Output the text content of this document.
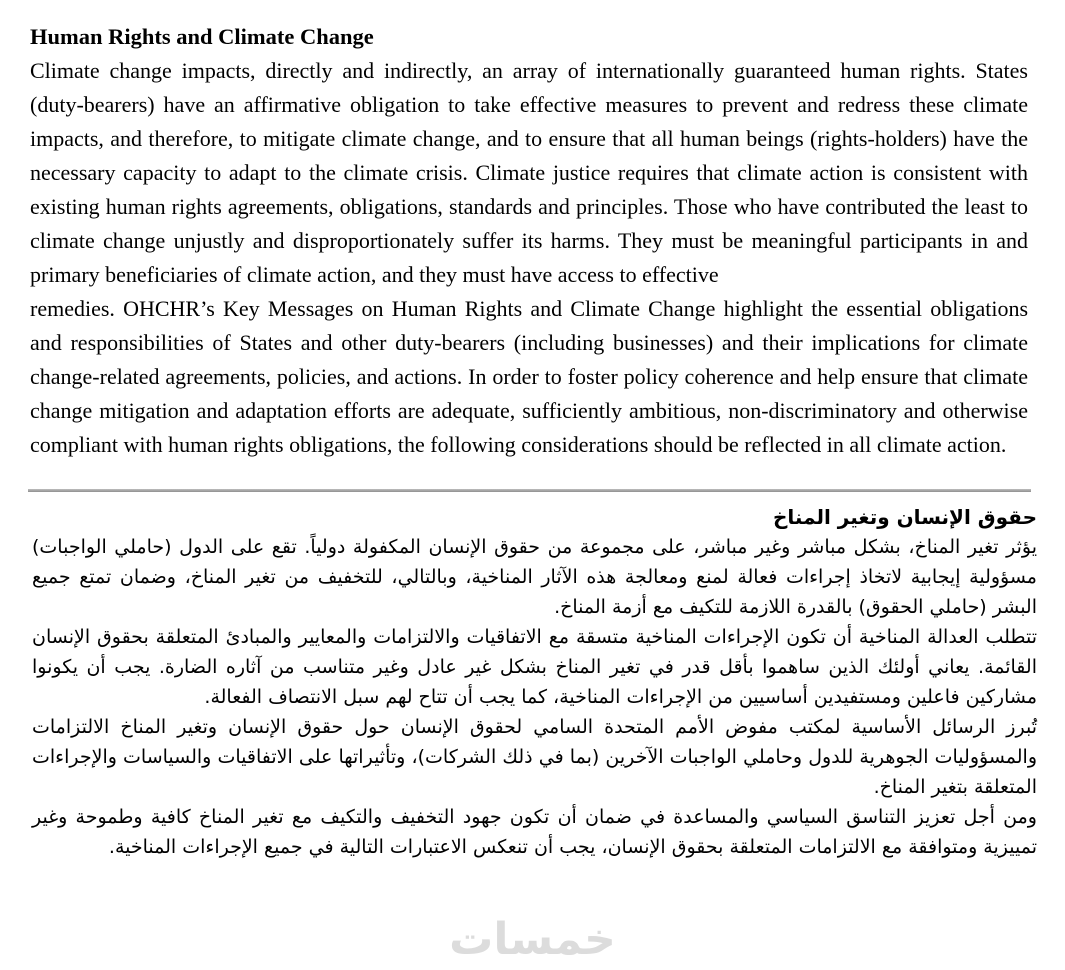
Human Rights and Climate Change

Climate change impacts, directly and indirectly, an array of internationally guaranteed human rights. States (duty-bearers) have an affirmative obligation to take effective measures to prevent and redress these climate impacts, and therefore, to mitigate climate change, and to ensure that all human beings (rights-holders) have the necessary capacity to adapt to the climate crisis. Climate justice requires that climate action is consistent with existing human rights agreements, obligations, standards and principles. Those who have contributed the least to climate change unjustly and disproportionately suffer its harms. They must be meaningful participants in and primary beneficiaries of climate action, and they must have access to effective

remedies. OHCHR’s Key Messages on Human Rights and Climate Change highlight the essential obligations and responsibilities of States and other duty-bearers (including businesses) and their implications for climate change-related agreements, policies, and actions. In order to foster policy coherence and help ensure that climate change mitigation and adaptation efforts are adequate, sufficiently ambitious, non-discriminatory and otherwise compliant with human rights obligations, the following considerations should be reflected in all climate action.

حقوق الإنسان وتغير المناخ

يؤثر تغير المناخ، بشكل مباشر وغير مباشر، على مجموعة من حقوق الإنسان المكفولة دولياً. تقع على الدول (حاملي الواجبات) مسؤولية إيجابية لاتخاذ إجراءات فعالة لمنع ومعالجة هذه الآثار المناخية، وبالتالي، للتخفيف من تغير المناخ، وضمان تمتع جميع البشر (حاملي الحقوق) بالقدرة اللازمة للتكيف مع أزمة المناخ.

تتطلب العدالة المناخية أن تكون الإجراءات المناخية متسقة مع الاتفاقيات والالتزامات والمعايير والمبادئ المتعلقة بحقوق الإنسان القائمة. يعاني أولئك الذين ساهموا بأقل قدر في تغير المناخ بشكل غير عادل وغير متناسب من آثاره الضارة. يجب أن يكونوا مشاركين فاعلين ومستفيدين أساسيين من الإجراءات المناخية، كما يجب أن تتاح لهم سبل الانتصاف الفعالة.

تُبرز الرسائل الأساسية لمكتب مفوض الأمم المتحدة السامي لحقوق الإنسان حول حقوق الإنسان وتغير المناخ الالتزامات والمسؤوليات الجوهرية للدول وحاملي الواجبات الآخرين (بما في ذلك الشركات)، وتأثيراتها على الاتفاقيات والسياسات والإجراءات المتعلقة بتغير المناخ.

ومن أجل تعزيز التناسق السياسي والمساعدة في ضمان أن تكون جهود التخفيف والتكيف مع تغير المناخ كافية وطموحة وغير تمييزية ومتوافقة مع الالتزامات المتعلقة بحقوق الإنسان، يجب أن تنعكس الاعتبارات التالية في جميع الإجراءات المناخية.

خمسات
